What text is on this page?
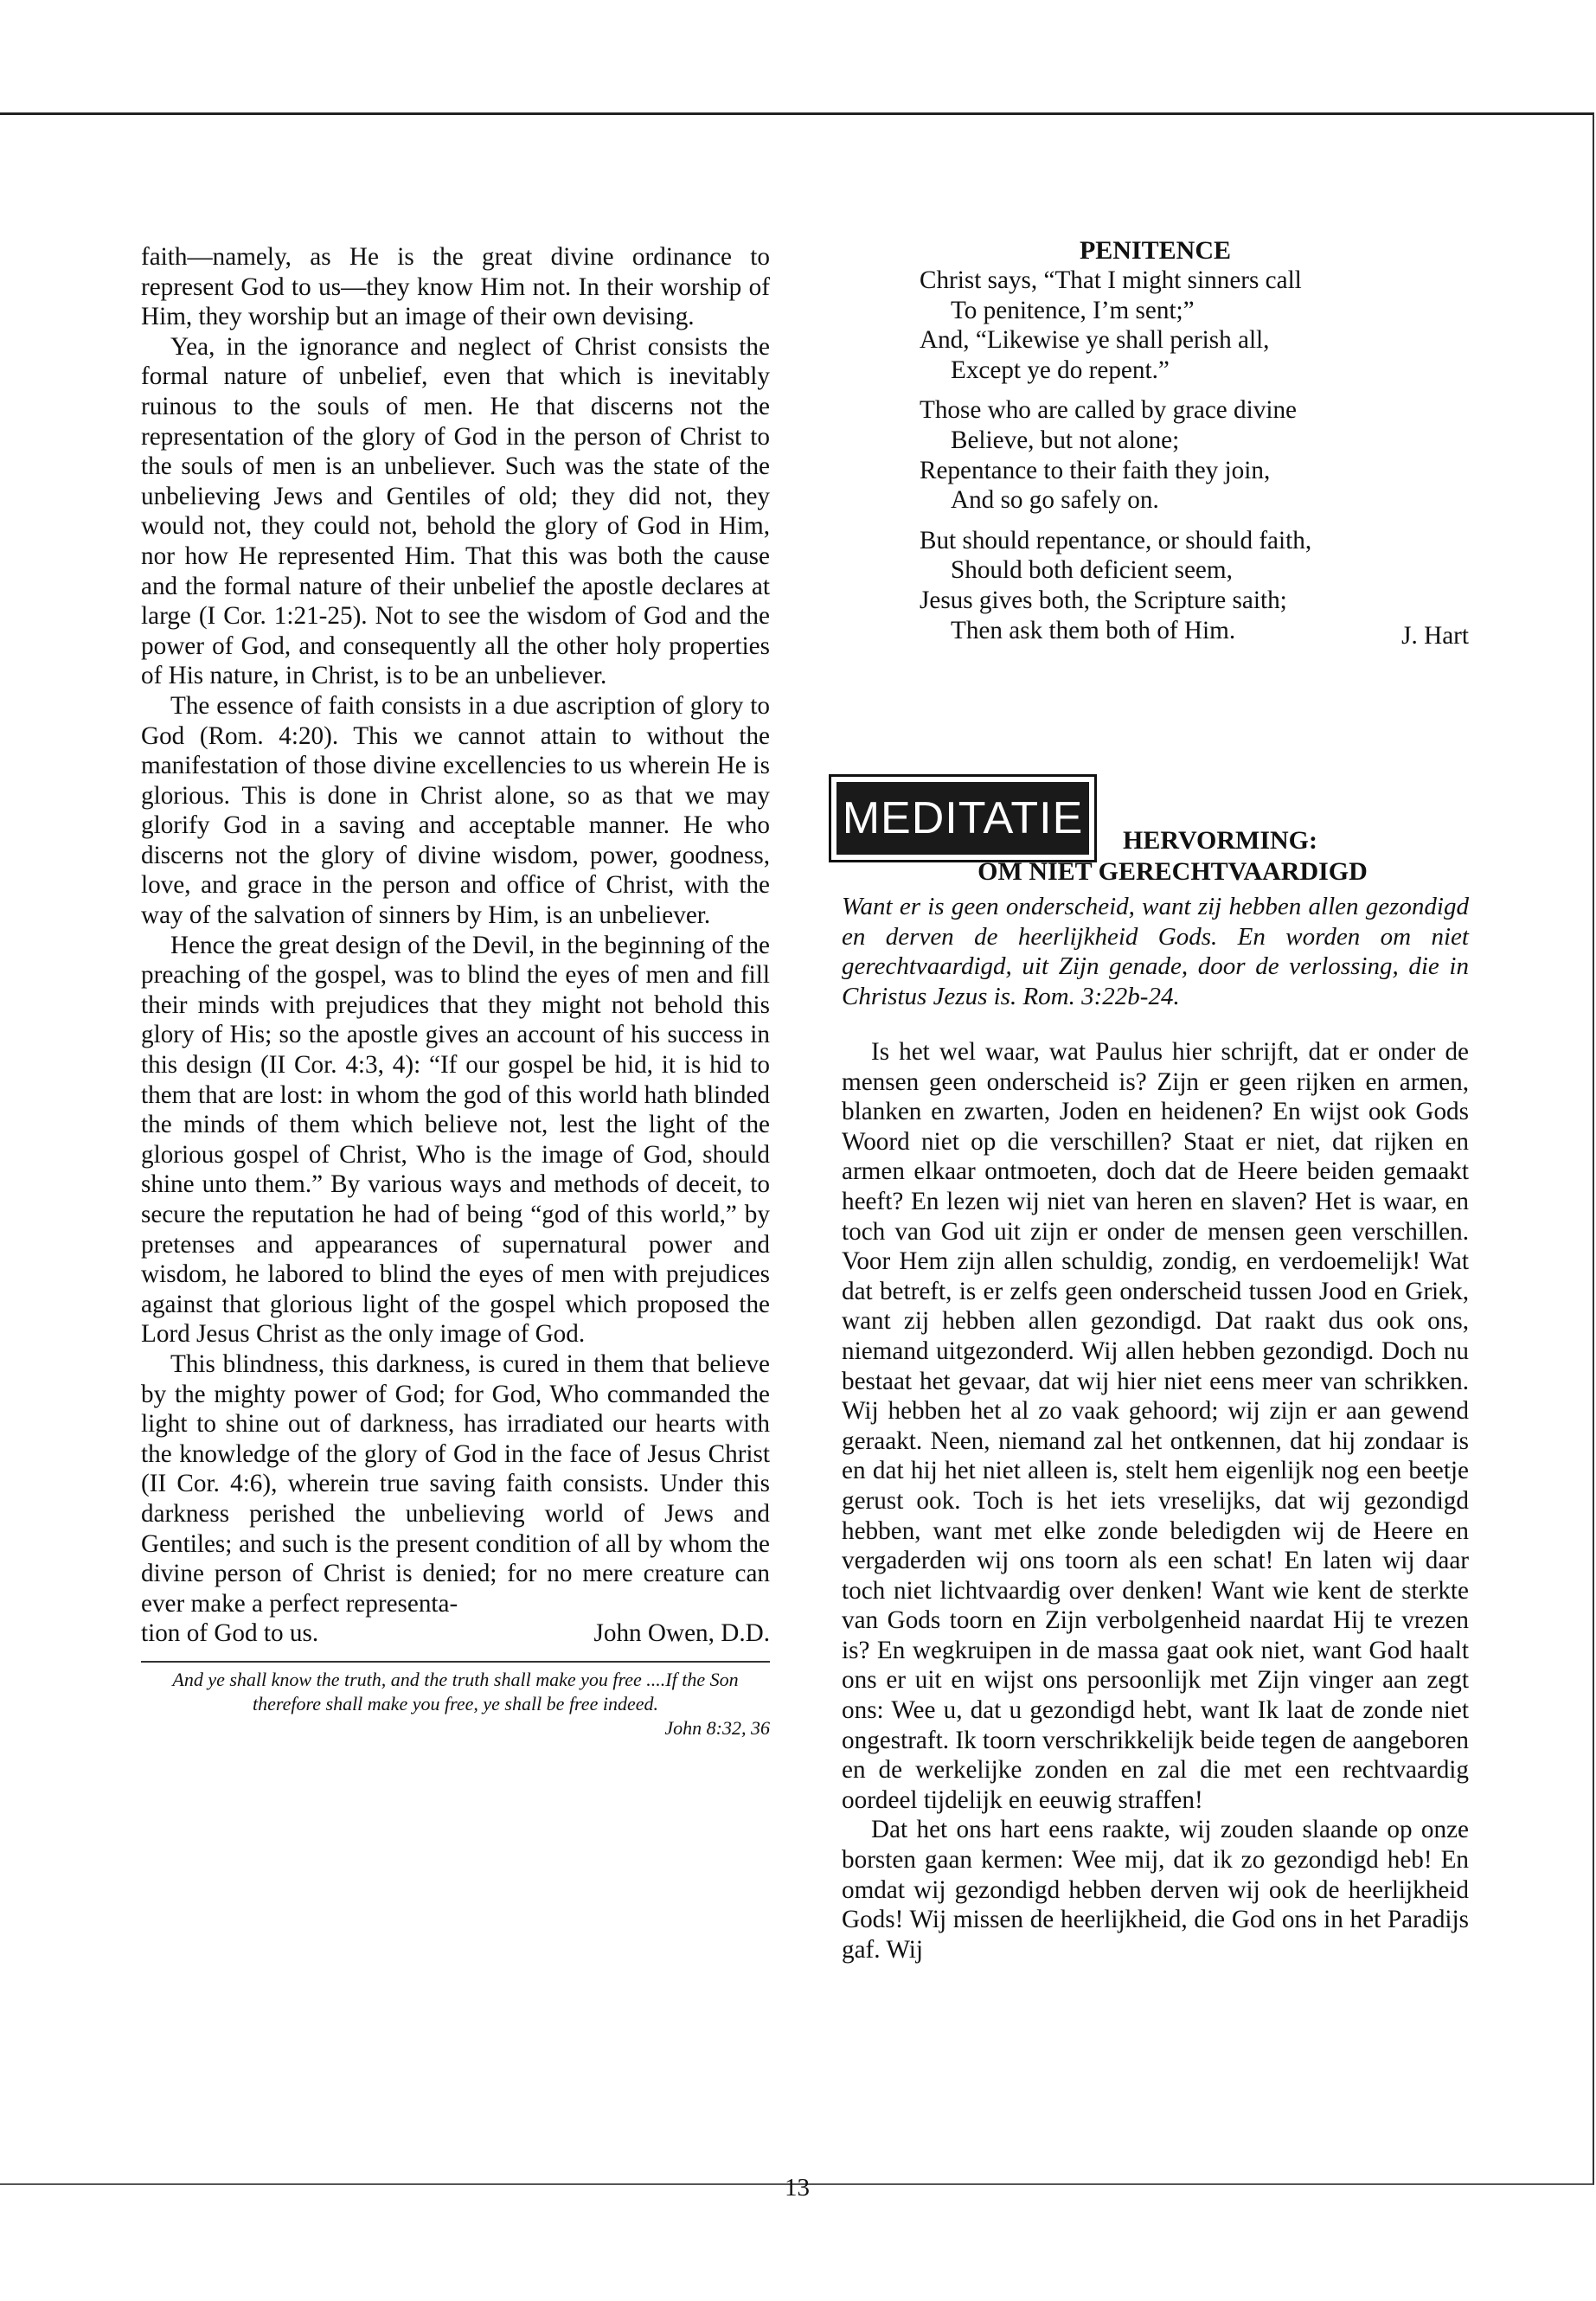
faith—namely, as He is the great divine ordinance to represent God to us—they know Him not. In their worship of Him, they worship but an image of their own devising.

Yea, in the ignorance and neglect of Christ consists the formal nature of unbelief, even that which is inevitably ruinous to the souls of men. He that discerns not the representation of the glory of God in the person of Christ to the souls of men is an unbeliever. Such was the state of the unbelieving Jews and Gentiles of old; they did not, they would not, they could not, behold the glory of God in Him, nor how He represented Him. That this was both the cause and the formal nature of their unbelief the apostle declares at large (I Cor. 1:21-25). Not to see the wisdom of God and the power of God, and consequently all the other holy properties of His nature, in Christ, is to be an unbeliever.

The essence of faith consists in a due ascription of glory to God (Rom. 4:20). This we cannot attain to without the manifestation of those divine excellencies to us wherein He is glorious. This is done in Christ alone, so as that we may glorify God in a saving and acceptable manner. He who discerns not the glory of divine wisdom, power, goodness, love, and grace in the person and office of Christ, with the way of the salvation of sinners by Him, is an unbeliever.

Hence the great design of the Devil, in the beginning of the preaching of the gospel, was to blind the eyes of men and fill their minds with prejudices that they might not behold this glory of His; so the apostle gives an account of his success in this design (II Cor. 4:3, 4): “If our gospel be hid, it is hid to them that are lost: in whom the god of this world hath blinded the minds of them which believe not, lest the light of the glorious gospel of Christ, Who is the image of God, should shine unto them.” By various ways and methods of deceit, to secure the reputation he had of being “god of this world,” by pretenses and appearances of supernatural power and wisdom, he labored to blind the eyes of men with prejudices against that glorious light of the gospel which proposed the Lord Jesus Christ as the only image of God.

This blindness, this darkness, is cured in them that believe by the mighty power of God; for God, Who commanded the light to shine out of darkness, has irradiated our hearts with the knowledge of the glory of God in the face of Jesus Christ (II Cor. 4:6), wherein true saving faith consists. Under this darkness perished the unbelieving world of Jews and Gentiles; and such is the present condition of all by whom the divine person of Christ is denied; for no mere creature can ever make a perfect representa-

tion of God to us.	John Owen, D.D.
And ye shall know the truth, and the truth shall make you free ....If the Son therefore shall make you free, ye shall be free indeed.
John 8:32, 36
PENITENCE
Christ says, “That I might sinners call
To penitence, I’m sent;”
And, “Likewise ye shall perish all,
Except ye do repent.”
Those who are called by grace divine
Believe, but not alone;
Repentance to their faith they join,
And so go safely on.
But should repentance, or should faith,
Should both deficient seem,
Jesus gives both, the Scripture saith;
Then ask them both of Him.	J. Hart
MEDITATIE	HERVORMING:
OM NIET GERECHTVAARDIGD
Want er is geen onderscheid, want zij hebben allen gezondigd en derven de heerlijkheid Gods. En worden om niet gerechtvaardigd, uit Zijn genade, door de verlossing, die in Christus Jezus is. Rom. 3:22b-24.

Is het wel waar, wat Paulus hier schrijft, dat er onder de mensen geen onderscheid is? Zijn er geen rijken en armen, blanken en zwarten, Joden en heidenen? En wijst ook Gods Woord niet op die verschillen? Staat er niet, dat rijken en armen elkaar ontmoeten, doch dat de Heere beiden gemaakt heeft? En lezen wij niet van heren en slaven? Het is waar, en toch van God uit zijn er onder de mensen geen verschillen. Voor Hem zijn allen schuldig, zondig, en verdoemelijk! Wat dat betreft, is er zelfs geen onderscheid tussen Jood en Griek, want zij hebben allen gezondigd. Dat raakt dus ook ons, niemand uitgezonderd. Wij allen hebben gezondigd. Doch nu bestaat het gevaar, dat wij hier niet eens meer van schrikken. Wij hebben het al zo vaak gehoord; wij zijn er aan gewend geraakt. Neen, niemand zal het ontkennen, dat hij zondaar is en dat hij het niet alleen is, stelt hem eigenlijk nog een beetje gerust ook. Toch is het iets vreselijks, dat wij gezondigd hebben, want met elke zonde beledigden wij de Heere en vergaderden wij ons toorn als een schat! En laten wij daar toch niet lichtvaardig over denken! Want wie kent de sterkte van Gods toorn en Zijn verbolgenheid naardat Hij te vrezen is? En wegkruipen in de massa gaat ook niet, want God haalt ons er uit en wijst ons persoonlijk met Zijn vinger aan zegt ons: Wee u, dat u gezondigd hebt, want Ik laat de zonde niet ongestraft. Ik toorn verschrikkelijk beide tegen de aangeboren en de werkelijke zonden en zal die met een rechtvaardig oordeel tijdelijk en eeuwig straffen!

Dat het ons hart eens raakte, wij zouden slaande op onze borsten gaan kermen: Wee mij, dat ik zo gezondigd heb! En omdat wij gezondigd hebben derven wij ook de heerlijkheid Gods! Wij missen de heerlijkheid, die God ons in het Paradijs gaf. Wij

13
